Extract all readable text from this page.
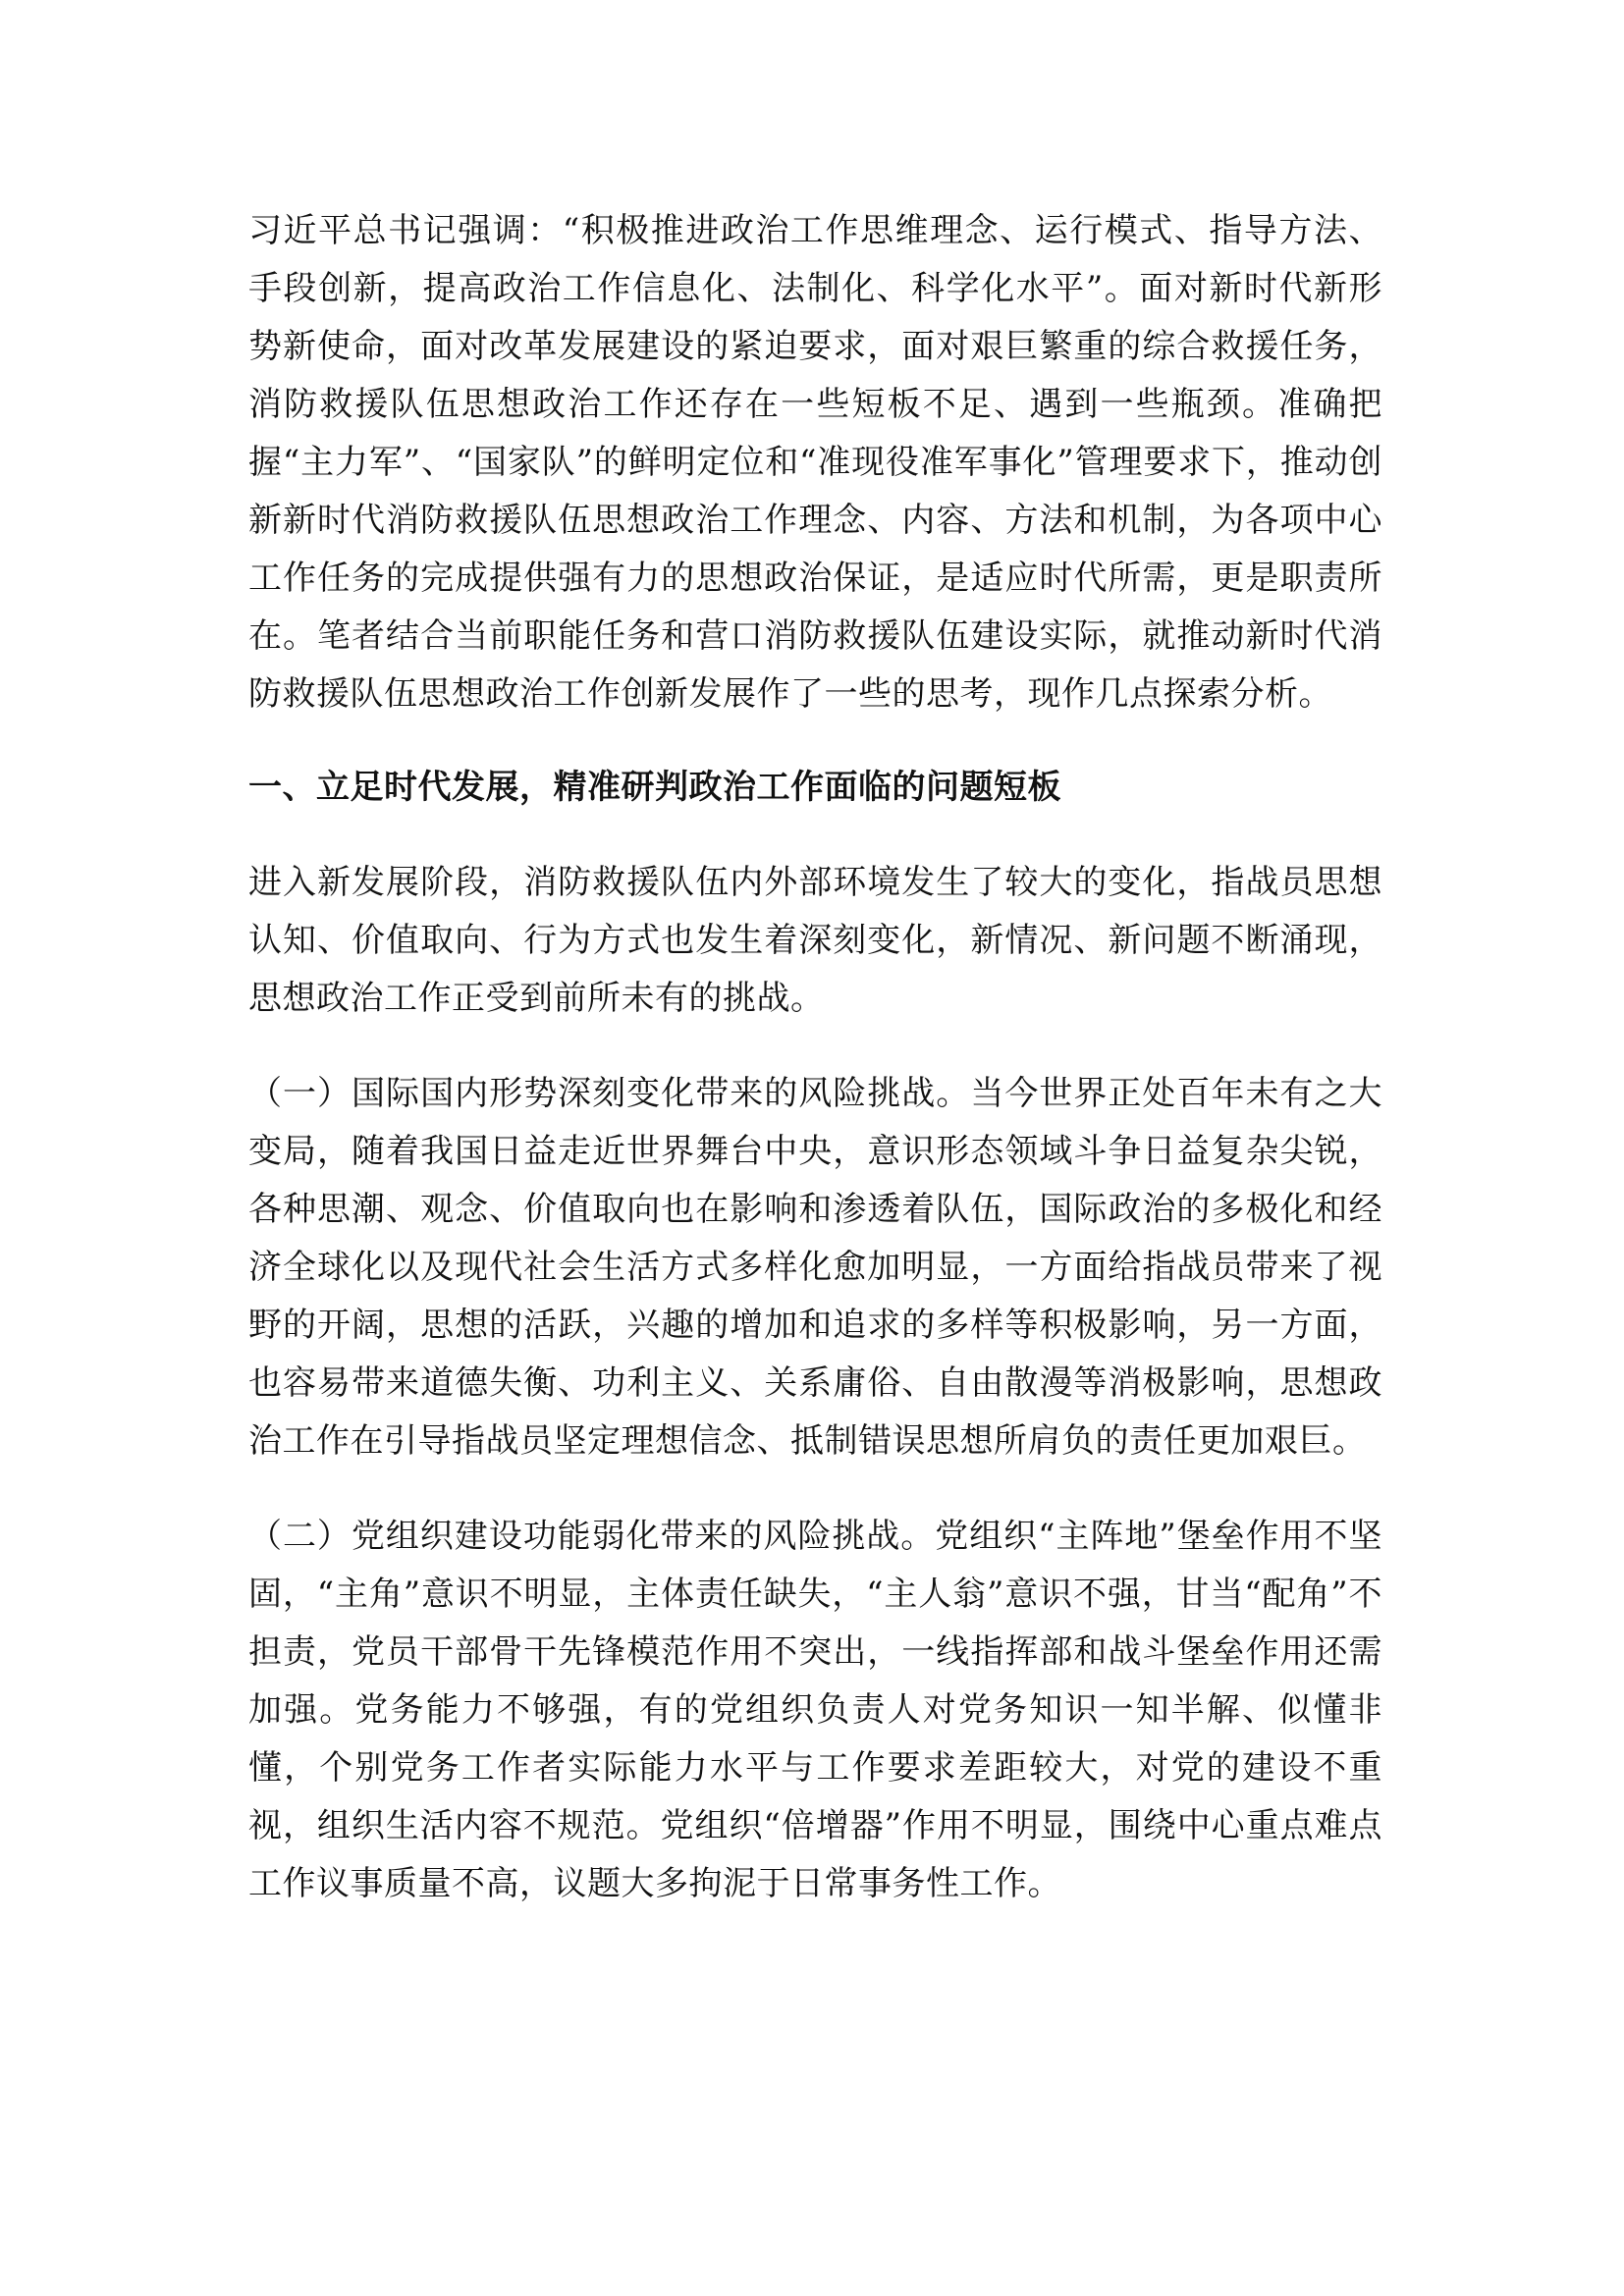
习近平总书记强调：“积极推进政治工作思维理念、运行模式、指导方法、手段创新，提高政治工作信息化、法制化、科学化水平”。面对新时代新形势新使命，面对改革发展建设的紧迫要求，面对艰巨繁重的综合救援任务，消防救援队伍思想政治工作还存在一些短板不足、遇到一些瓶颈。准确把握“主力军”、“国家队”的鲜明定位和“准现役准军事化”管理要求下，推动创新新时代消防救援队伍思想政治工作理念、内容、方法和机制，为各项中心工作任务的完成提供强有力的思想政治保证，是适应时代所需，更是职责所在。笔者结合当前职能任务和营口消防救援队伍建设实际，就推动新时代消防救援队伍思想政治工作创新发展作了一些的思考，现作几点探索分析。

一、立足时代发展，精准研判政治工作面临的问题短板

进入新发展阶段，消防救援队伍内外部环境发生了较大的变化，指战员思想认知、价值取向、行为方式也发生着深刻变化，新情况、新问题不断涌现，思想政治工作正受到前所未有的挑战。

（一）国际国内形势深刻变化带来的风险挑战。当今世界正处百年未有之大变局，随着我国日益走近世界舞台中央，意识形态领域斗争日益复杂尖锐，各种思潮、观念、价值取向也在影响和渗透着队伍，国际政治的多极化和经济全球化以及现代社会生活方式多样化愈加明显，一方面给指战员带来了视野的开阔，思想的活跃，兴趣的增加和追求的多样等积极影响，另一方面，也容易带来道德失衡、功利主义、关系庸俗、自由散漫等消极影响，思想政治工作在引导指战员坚定理想信念、抵制错误思想所肩负的责任更加艰巨。

（二）党组织建设功能弱化带来的风险挑战。党组织“主阵地”堡垒作用不坚固，“主角”意识不明显，主体责任缺失，“主人翁”意识不强，甘当“配角”不担责，党员干部骨干先锋模范作用不突出，一线指挥部和战斗堡垒作用还需加强。党务能力不够强，有的党组织负责人对党务知识一知半解、似懂非懂，个别党务工作者实际能力水平与工作要求差距较大，对党的建设不重视，组织生活内容不规范。党组织“倍增器”作用不明显，围绕中心重点难点工作议事质量不高，议题大多拘泥于日常事务性工作。
